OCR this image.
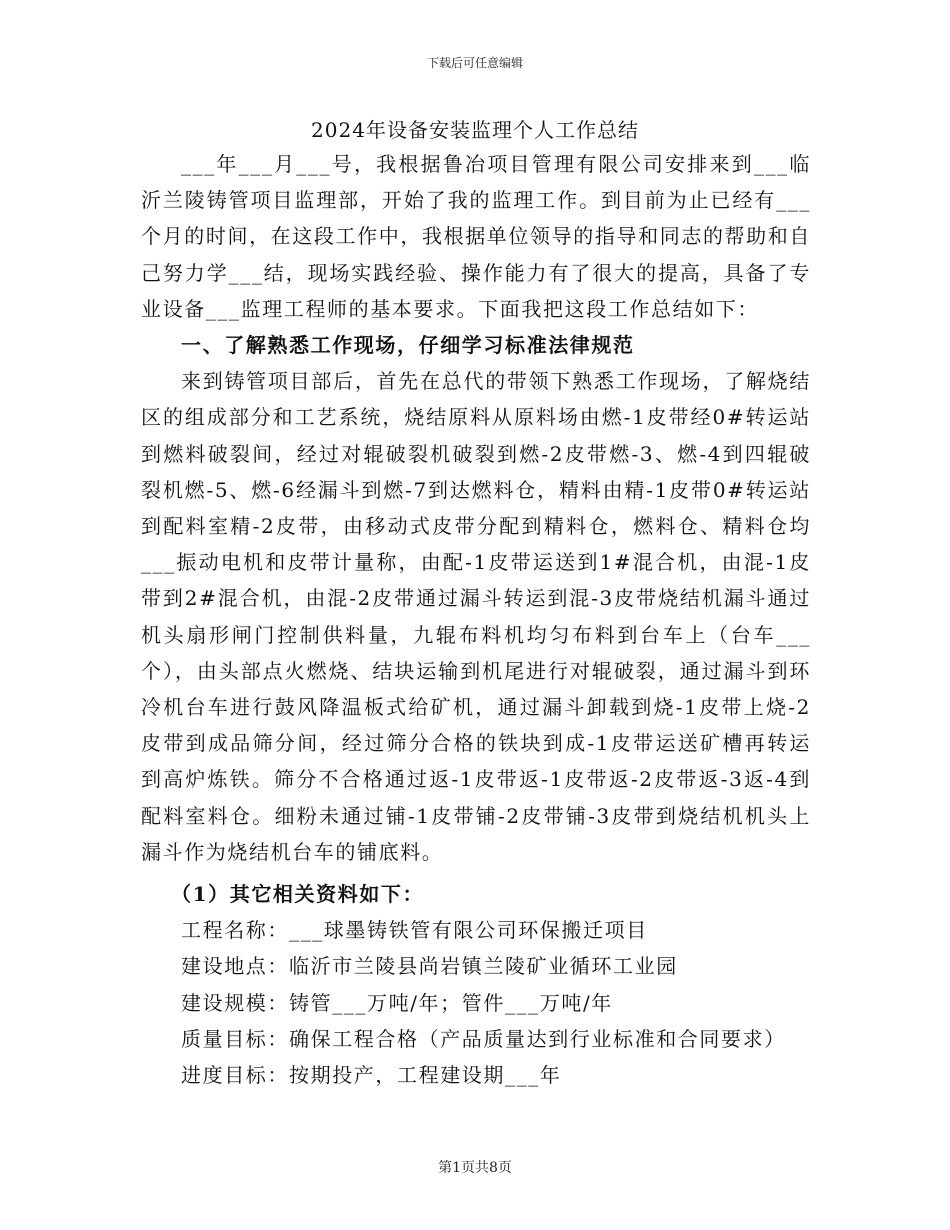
下载后可任意编辑
2024年设备安装监理个人工作总结

___年___月___号，我根据鲁冶项目管理有限公司安排来到___临沂兰陵铸管项目监理部，开始了我的监理工作。到目前为止已经有___个月的时间，在这段工作中，我根据单位领导的指导和同志的帮助和自己努力学___结，现场实践经验、操作能力有了很大的提高，具备了专业设备___监理工程师的基本要求。下面我把这段工作总结如下：

一、了解熟悉工作现场，仔细学习标准法律规范

来到铸管项目部后，首先在总代的带领下熟悉工作现场，了解烧结区的组成部分和工艺系统，烧结原料从原料场由燃-1皮带经0#转运站到燃料破裂间，经过对辊破裂机破裂到燃-2皮带燃-3、燃-4到四辊破裂机燃-5、燃-6经漏斗到燃-7到达燃料仓，精料由精-1皮带0#转运站到配料室精-2皮带，由移动式皮带分配到精料仓，燃料仓、精料仓均___振动电机和皮带计量称，由配-1皮带运送到1#混合机，由混-1皮带到2#混合机，由混-2皮带通过漏斗转运到混-3皮带烧结机漏斗通过机头扇形闸门控制供料量，九辊布料机均匀布料到台车上（台车___个），由头部点火燃烧、结块运输到机尾进行对辊破裂，通过漏斗到环冷机台车进行鼓风降温板式给矿机，通过漏斗卸载到烧-1皮带上烧-2皮带到成品筛分间，经过筛分合格的铁块到成-1皮带运送矿槽再转运到高炉炼铁。筛分不合格通过返-1皮带返-1皮带返-2皮带返-3返-4到配料室料仓。细粉未通过铺-1皮带铺-2皮带铺-3皮带到烧结机机头上漏斗作为烧结机台车的铺底料。

（1）其它相关资料如下：

工程名称：___球墨铸铁管有限公司环保搬迁项目

建设地点：临沂市兰陵县尚岩镇兰陵矿业循环工业园

建设规模：铸管___万吨/年；管件___万吨/年

质量目标：确保工程合格（产品质量达到行业标准和合同要求）

进度目标：按期投产，工程建设期___年

第1页共8页
